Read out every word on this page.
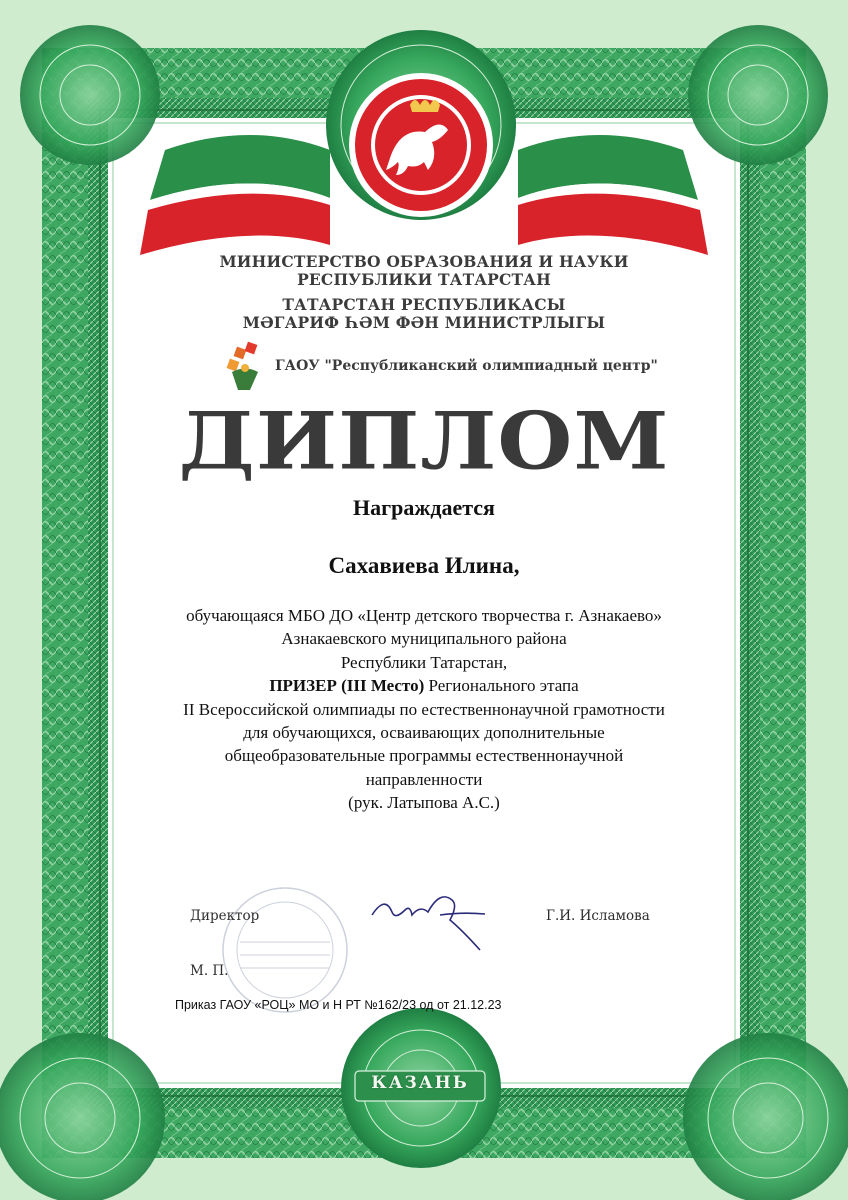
МИНИСТЕРСТВО ОБРАЗОВАНИЯ И НАУКИ
РЕСПУБЛИКИ ТАТАРСТАН
ТАТАРСТАН РЕСПУБЛИКАСЫ
МӘГАРИФ ҺӘМ ФӘН МИНИСТРЛЫГЫ
ГАОУ "Республиканский олимпиадный центр"
ДИПЛОМ
Награждается
Сахавиева Илина,
обучающаяся МБО ДО «Центр детского творчества г. Азнакаево»
Азнакаевского муниципального района
Республики Татарстан,
ПРИЗЕР (III Место) Регионального этапа
II Всероссийской олимпиады по естественнонаучной грамотности
для обучающихся, осваивающих дополнительные
общеобразовательные программы естественнонаучной
направленности
(рук. Латыпова А.С.)
Директор	Г.И. Исламова
М. П.
Приказ ГАОУ «РОЦ» МО и Н РТ №162/23 од от 21.12.23
КАЗАНЬ
